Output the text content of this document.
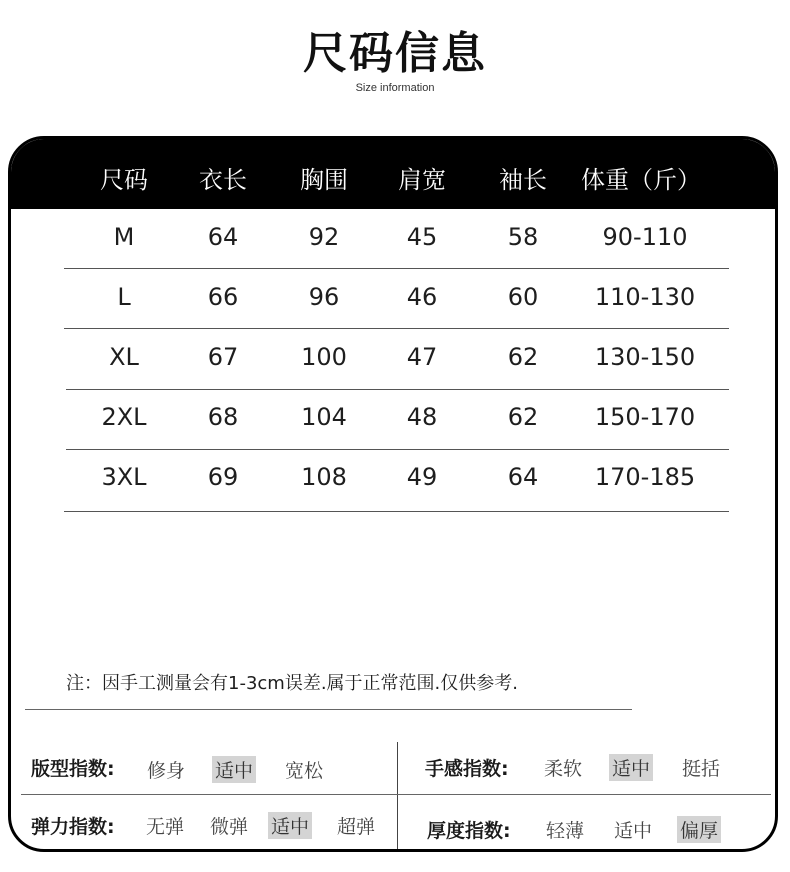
尺码信息
Size information
尺码 衣长 胸围 肩宽 袖长 体重（斤）
M	64	92	45	58	90-110
L	66	96	46	60 110-130
XL	67	100 47	62 130-150
2XL	68	104 48	62 150-170
3XL	69	108 49	64 170-185
注：因手工测量会有1-3cm误差.属于正常范围.仅供参考.
版型指数: 修身 适中 宽松	手感指数: 柔软 适中 挺括
弹力指数: 无弹 微弹 适中 超弹	厚度指数: 轻薄 适中 偏厚
